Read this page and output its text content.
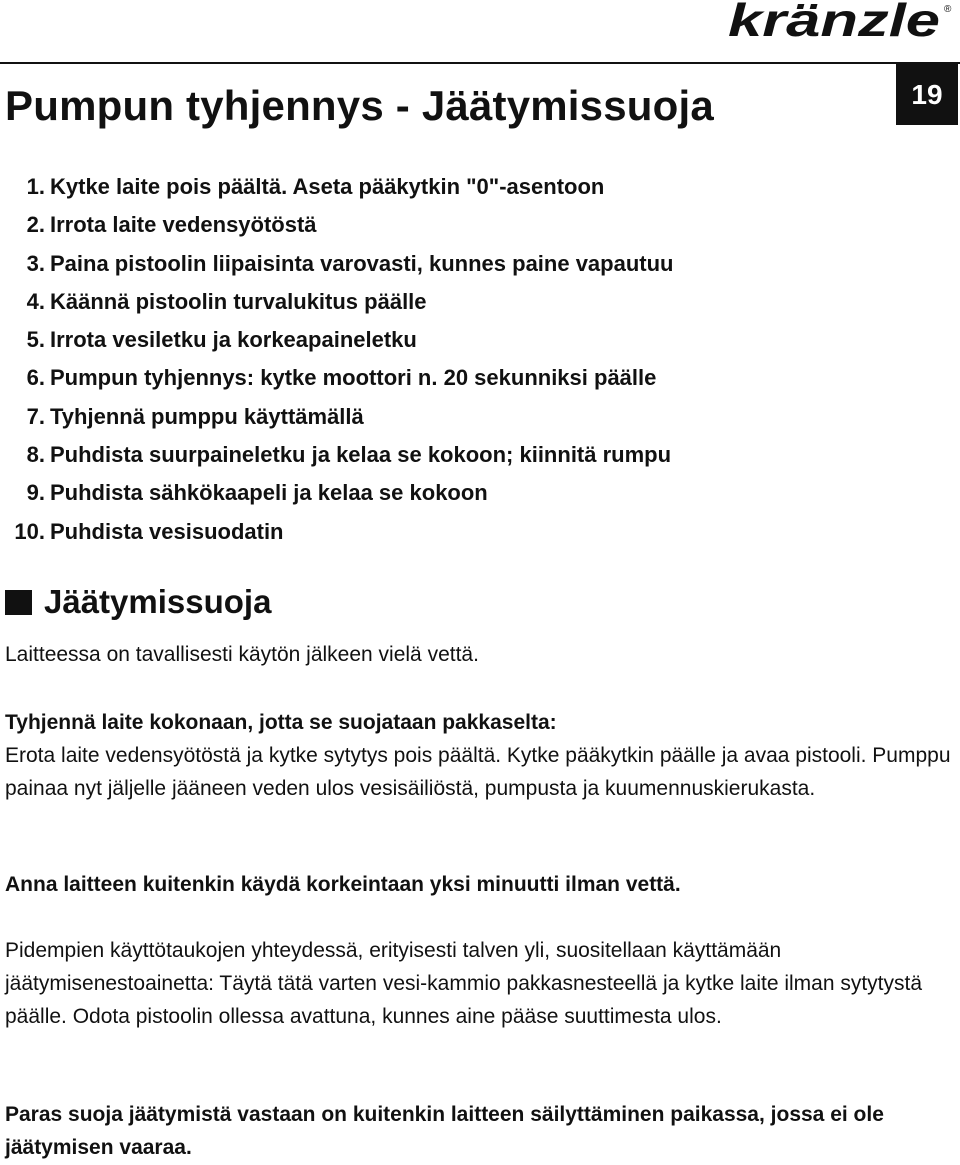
kränzle ®
19
Pumpun tyhjennys - Jäätymissuoja
1. Kytke laite pois päältä. Aseta pääkytkin "0"-asentoon
2. Irrota laite vedensyötöstä
3. Paina pistoolin liipaisinta varovasti, kunnes paine vapautuu
4. Käännä pistoolin turvalukitus päälle
5. Irrota vesiletku ja korkeapaineletku
6. Pumpun tyhjennys: kytke moottori n. 20 sekunniksi päälle
7. Tyhjennä pumppu käyttämällä
8. Puhdista suurpaineletku ja kelaa se kokoon; kiinnitä rumpu
9. Puhdista sähkökaapeli ja kelaa se kokoon
10. Puhdista vesisuodatin
Jäätymissuoja

Laitteessa on tavallisesti käytön jälkeen vielä vettä.

Tyhjennä laite kokonaan, jotta se suojataan pakkaselta:

Erota laite vedensyötöstä ja kytke sytytys pois päältä. Kytke pääkytkin päälle ja avaa pistooli. Pumppu painaa nyt jäljelle jääneen veden ulos vesisäiliöstä, pumpusta ja kuumennuskierukasta.

Anna laitteen kuitenkin käydä korkeintaan yksi minuutti ilman vettä.

Pidempien käyttötaukojen yhteydessä, erityisesti talven yli, suositellaan käyttämään jäätymisenestoainetta: Täytä tätä varten vesi-kammio pakkasnesteellä ja kytke laite ilman sytytystä päälle. Odota pistoolin ollessa avattuna, kunnes aine pääse suuttimesta ulos.

Paras suoja jäätymistä vastaan on kuitenkin laitteen säilyttäminen paikassa, jossa ei ole jäätymisen vaaraa.
